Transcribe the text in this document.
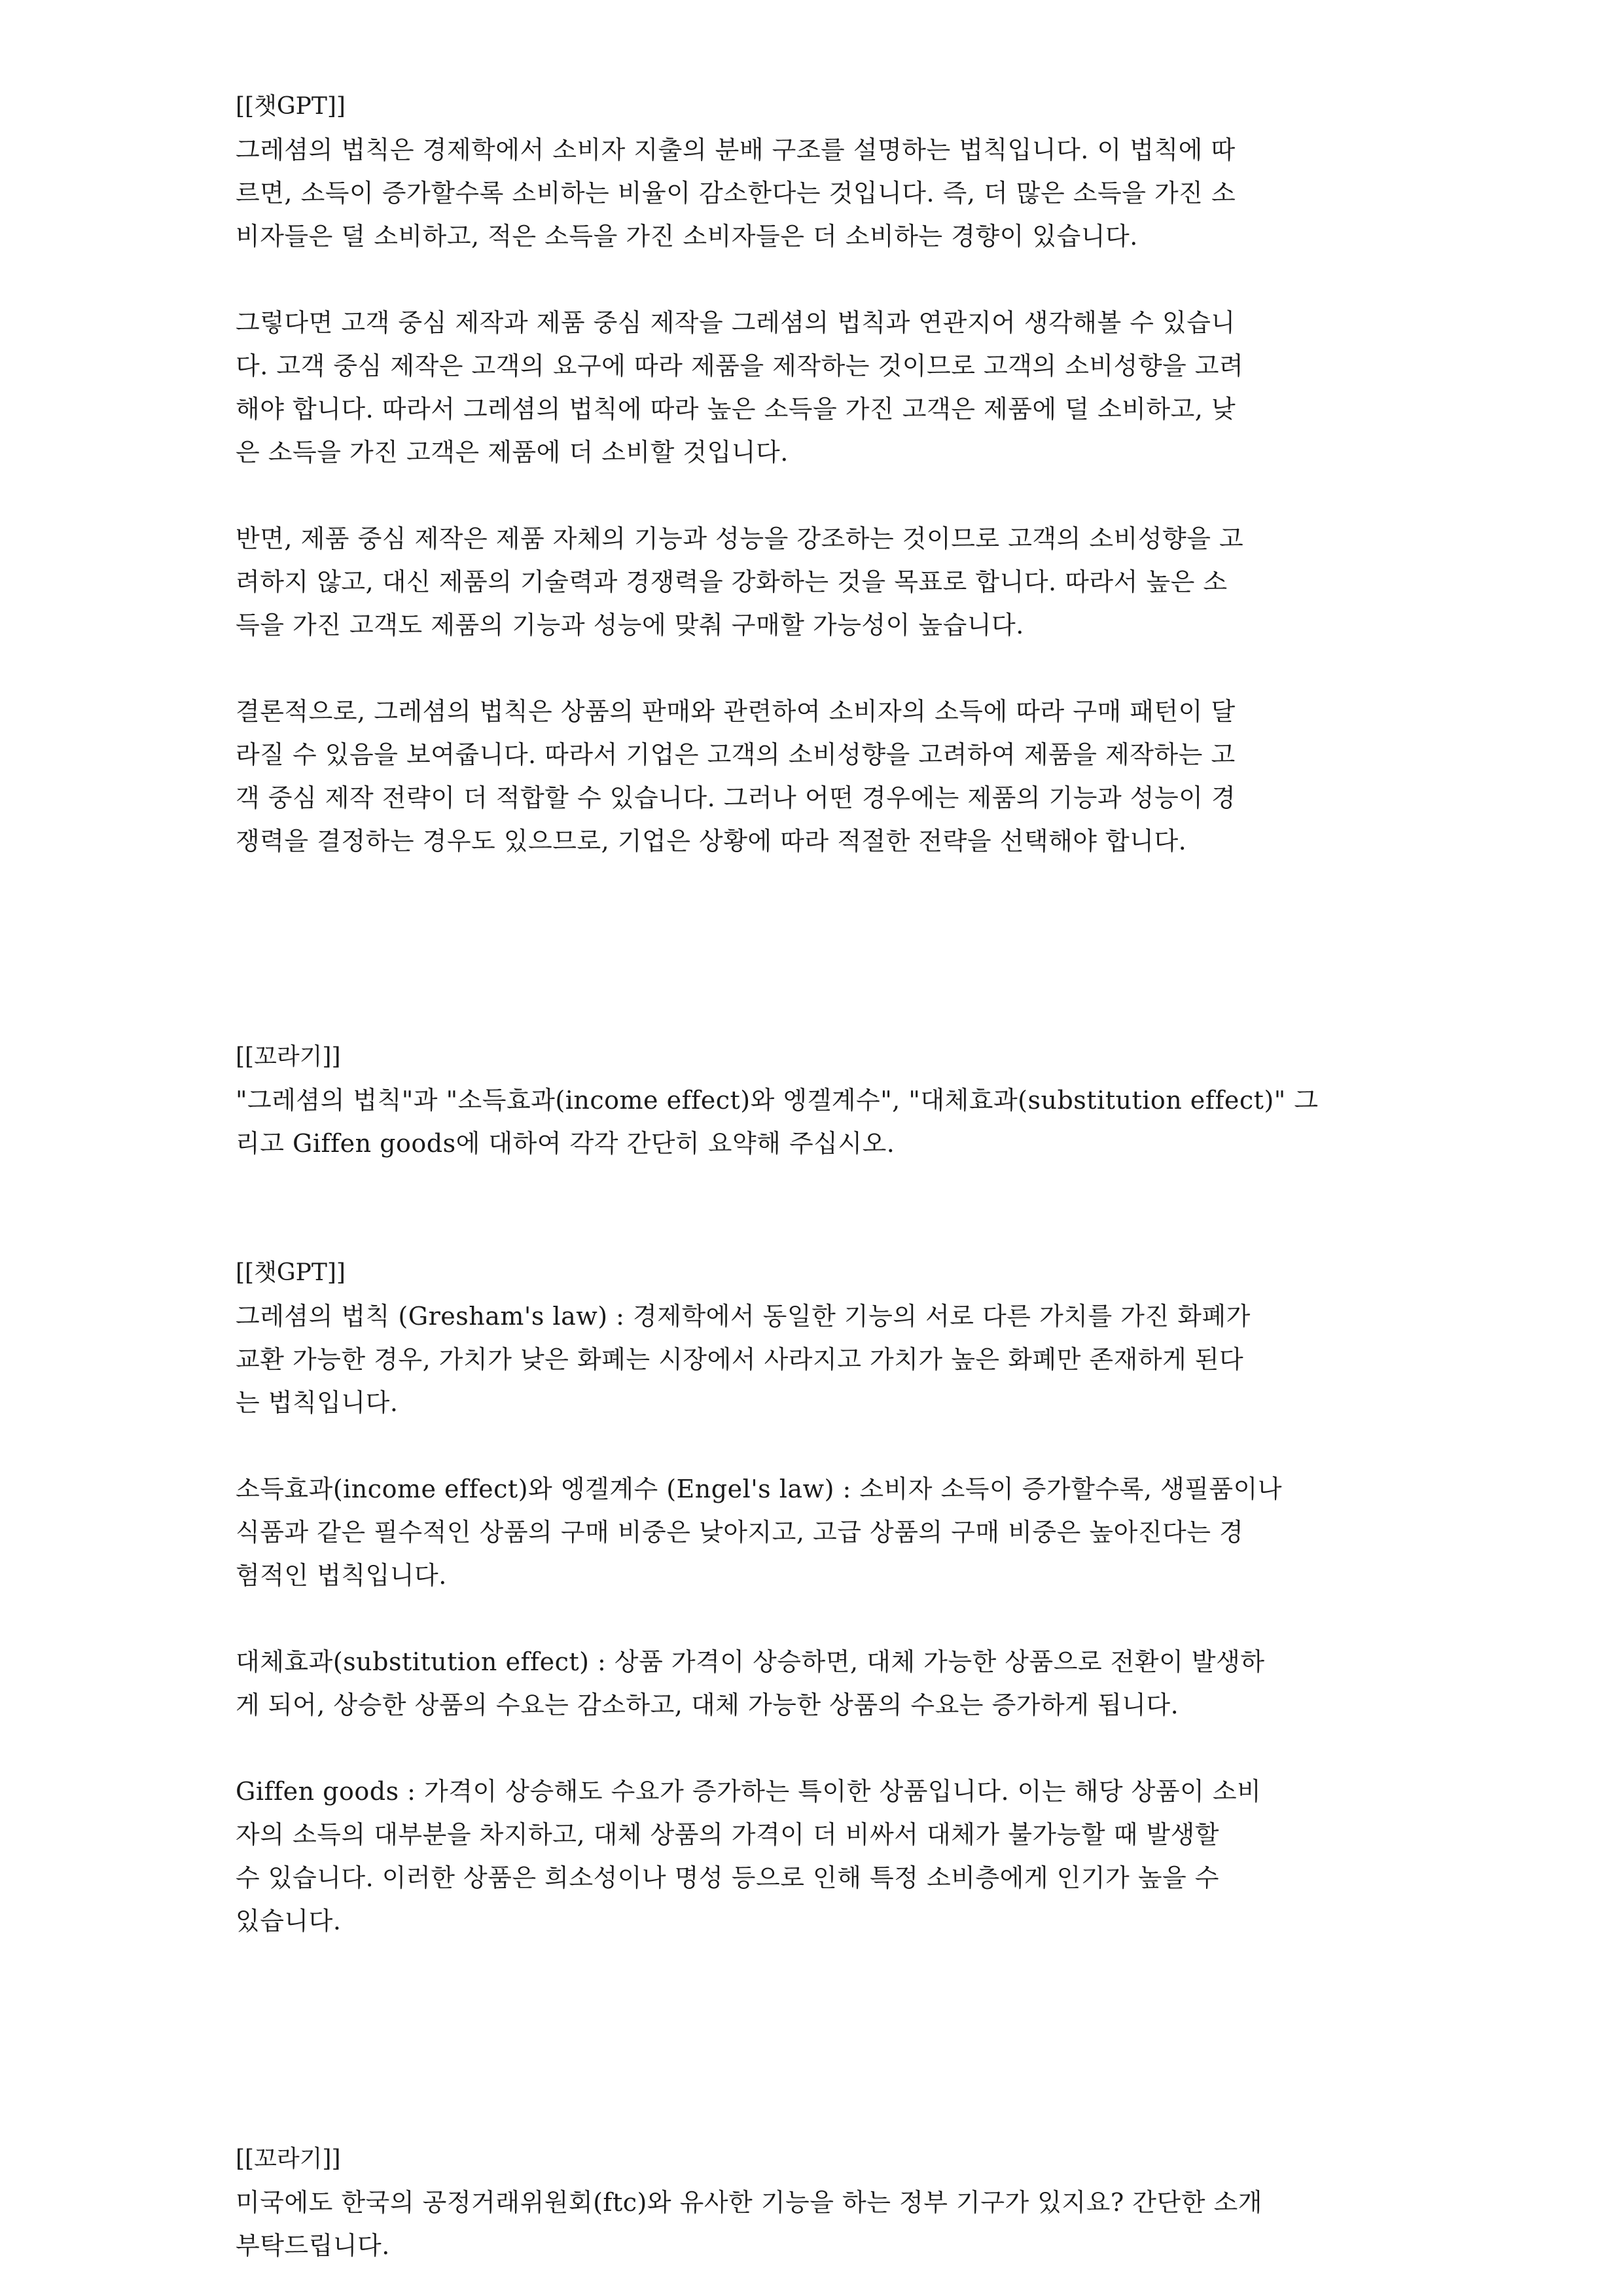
[[챗GPT]]
그레셤의 법칙은 경제학에서 소비자 지출의 분배 구조를 설명하는 법칙입니다. 이 법칙에 따
르면, 소득이 증가할수록 소비하는 비율이 감소한다는 것입니다. 즉, 더 많은 소득을 가진 소
비자들은 덜 소비하고, 적은 소득을 가진 소비자들은 더 소비하는 경향이 있습니다.
그렇다면 고객 중심 제작과 제품 중심 제작을 그레셤의 법칙과 연관지어 생각해볼 수 있습니
다. 고객 중심 제작은 고객의 요구에 따라 제품을 제작하는 것이므로 고객의 소비성향을 고려
해야 합니다. 따라서 그레셤의 법칙에 따라 높은 소득을 가진 고객은 제품에 덜 소비하고, 낮
은 소득을 가진 고객은 제품에 더 소비할 것입니다.
반면, 제품 중심 제작은 제품 자체의 기능과 성능을 강조하는 것이므로 고객의 소비성향을 고
려하지 않고, 대신 제품의 기술력과 경쟁력을 강화하는 것을 목표로 합니다. 따라서 높은 소
득을 가진 고객도 제품의 기능과 성능에 맞춰 구매할 가능성이 높습니다.
결론적으로, 그레셤의 법칙은 상품의 판매와 관련하여 소비자의 소득에 따라 구매 패턴이 달
라질 수 있음을 보여줍니다. 따라서 기업은 고객의 소비성향을 고려하여 제품을 제작하는 고
객 중심 제작 전략이 더 적합할 수 있습니다. 그러나 어떤 경우에는 제품의 기능과 성능이 경
쟁력을 결정하는 경우도 있으므로, 기업은 상황에 따라 적절한 전략을 선택해야 합니다.
[[꼬라기]]
"그레셤의 법칙"과 "소득효과(income effect)와 엥겔계수", "대체효과(substitution effect)" 그
리고 Giffen goods에 대하여 각각 간단히 요약해 주십시오.
[[챗GPT]]
그레셤의 법칙 (Gresham's law) : 경제학에서 동일한 기능의 서로 다른 가치를 가진 화폐가
교환 가능한 경우, 가치가 낮은 화폐는 시장에서 사라지고 가치가 높은 화폐만 존재하게 된다
는 법칙입니다.
소득효과(income effect)와 엥겔계수 (Engel's law) : 소비자 소득이 증가할수록, 생필품이나
식품과 같은 필수적인 상품의 구매 비중은 낮아지고, 고급 상품의 구매 비중은 높아진다는 경
험적인 법칙입니다.
대체효과(substitution effect) : 상품 가격이 상승하면, 대체 가능한 상품으로 전환이 발생하
게 되어, 상승한 상품의 수요는 감소하고, 대체 가능한 상품의 수요는 증가하게 됩니다.
Giffen goods : 가격이 상승해도 수요가 증가하는 특이한 상품입니다. 이는 해당 상품이 소비
자의 소득의 대부분을 차지하고, 대체 상품의 가격이 더 비싸서 대체가 불가능할 때 발생할
수 있습니다. 이러한 상품은 희소성이나 명성 등으로 인해 특정 소비층에게 인기가 높을 수
있습니다.
[[꼬라기]]
미국에도 한국의 공정거래위원회(ftc)와 유사한 기능을 하는 정부 기구가 있지요? 간단한 소개
부탁드립니다.
